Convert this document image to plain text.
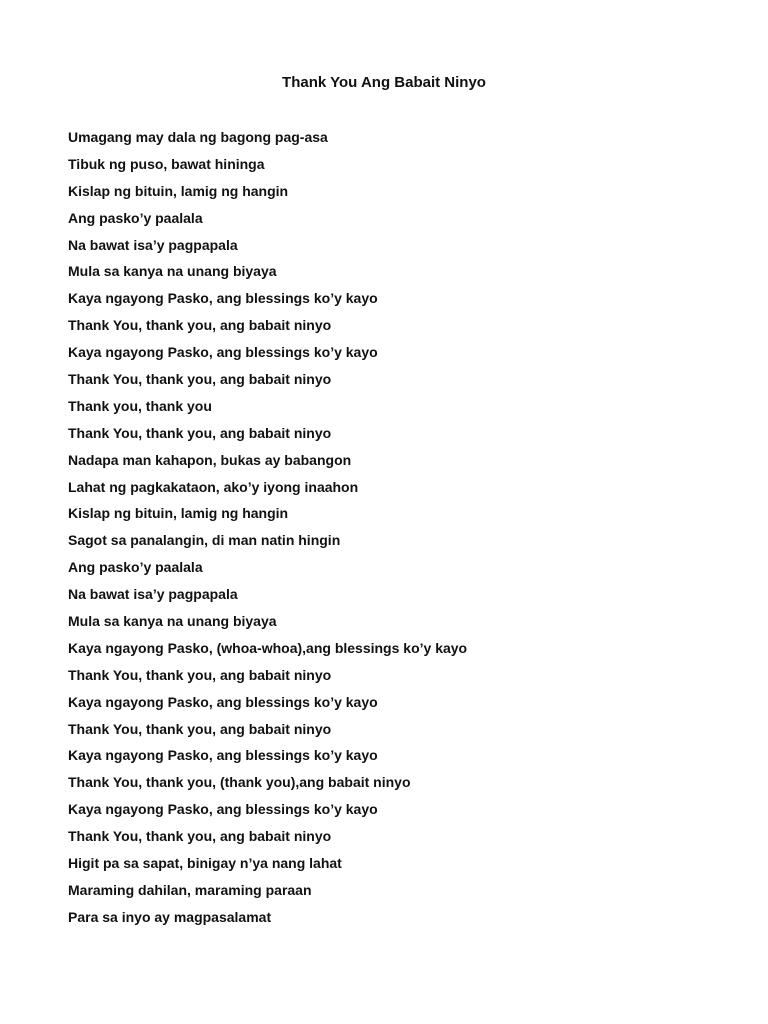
Thank You Ang Babait Ninyo
Umagang may dala ng bagong pag-asa
Tibuk ng puso, bawat hininga
Kislap ng bituin, lamig ng hangin
Ang pasko’y paalala
Na bawat isa’y pagpapala
Mula sa kanya na unang biyaya
Kaya ngayong Pasko, ang blessings ko’y kayo
Thank You, thank you, ang babait ninyo
Kaya ngayong Pasko, ang blessings ko’y kayo
Thank You, thank you, ang babait ninyo
Thank you, thank you
Thank You, thank you, ang babait ninyo
Nadapa man kahapon, bukas ay babangon
Lahat ng pagkakataon, ako’y iyong inaahon
Kislap ng bituin, lamig ng hangin
Sagot sa panalangin, di man natin hingin
Ang pasko’y paalala
Na bawat isa’y pagpapala
Mula sa kanya na unang biyaya
Kaya ngayong Pasko, (whoa-whoa),ang blessings ko’y kayo
Thank You, thank you, ang babait ninyo
Kaya ngayong Pasko, ang blessings ko’y kayo
Thank You, thank you, ang babait ninyo
Kaya ngayong Pasko, ang blessings ko’y kayo
Thank You, thank you, (thank you),ang babait ninyo
Kaya ngayong Pasko, ang blessings ko’y kayo
Thank You, thank you, ang babait ninyo
Higit pa sa sapat, binigay n’ya nang lahat
Maraming dahilan, maraming paraan
Para sa inyo ay magpasalamat
